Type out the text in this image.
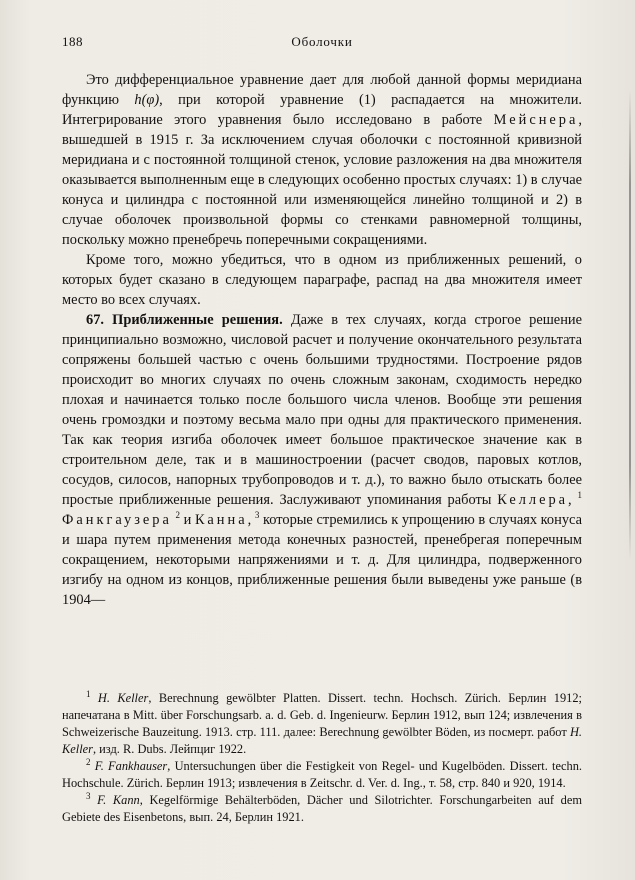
188	Оболочки

Это дифференциальное уравнение дает для любой данной формы меридиана функцию h(φ), при которой уравнение (1) распадается на множители. Интегрирование этого уравнения было исследовано в работе Мейснера, вышедшей в 1915 г. За исключением случая оболочки с постоянной кривизной меридиана и с постоянной толщиной стенок, условие разложения на два множителя оказывается выполненным еще в следующих особенно простых случаях: 1) в случае конуса и цилиндра с постоянной или изменяющейся линейно толщиной и 2) в случае оболочек произвольной формы со стенками равномерной толщины, поскольку можно пренебречь поперечными сокращениями.

Кроме того, можно убедиться, что в одном из приближенных решений, о которых будет сказано в следующем параграфе, распад на два множителя имеет место во всех случаях.

67. Приближенные решения. Даже в тех случаях, когда строгое решение принципиально возможно, числовой расчет и получение окончательного результата сопряжены большей частью с очень большими трудностями. Построение рядов происходит во многих случаях по очень сложным законам, сходимость нередко плохая и начинается только после большого числа членов. Вообще эти решения очень громоздки и поэтому весьма мало при одны для практического применения. Так как теория изгиба оболочек имеет большое практическое значение как в строительном деле, так и в машиностроении (расчет сводов, паровых котлов, сосудов, силосов, напорных трубопроводов и т. д.), то важно было отыскать более простые приближенные решения. Заслуживают упоминания работы Келлера, $^1$ Фанкгаузера $^2$ и Канна, $^3$ которые стремились к упрощению в случаях конуса и шара путем применения метода конечных разностей, пренебрегая поперечным сокращением, некоторыми напряжениями и т. д. Для цилиндра, подверженного изгибу на одном из концов, приближенные решения были выведены уже раньше (в 1904—

$^1$ H. Keller, Berechnung gewölbter Platten. Dissert. techn. Hochsch. Zürich. Берлин 1912; напечатана в Mitt. über Forschungsarb. a. d. Geb. d. Ingenieurw. Берлин 1912, вып 124; извлечения в Schweizerische Bauzeitung. 1913. стр. 111. далее: Berechnung gewölbter Böden, из посмерт. работ H. Keller, изд. R. Dubs. Лейпциг 1922.

$^2$ F. Fankhauser, Untersuchungen über die Festigkeit von Regel- und Kugelböden. Dissert. techn. Hochschule. Zürich. Берлин 1913; извлечения в Zeitschr. d. Ver. d. Ing., т. 58, стр. 840 и 920, 1914.

$^3$ F. Kann, Kegelförmige Behälterböden, Dächer und Silotrichter. Forschungarbeiten auf dem Gebiete des Eisenbetons, вып. 24, Берлин 1921.
